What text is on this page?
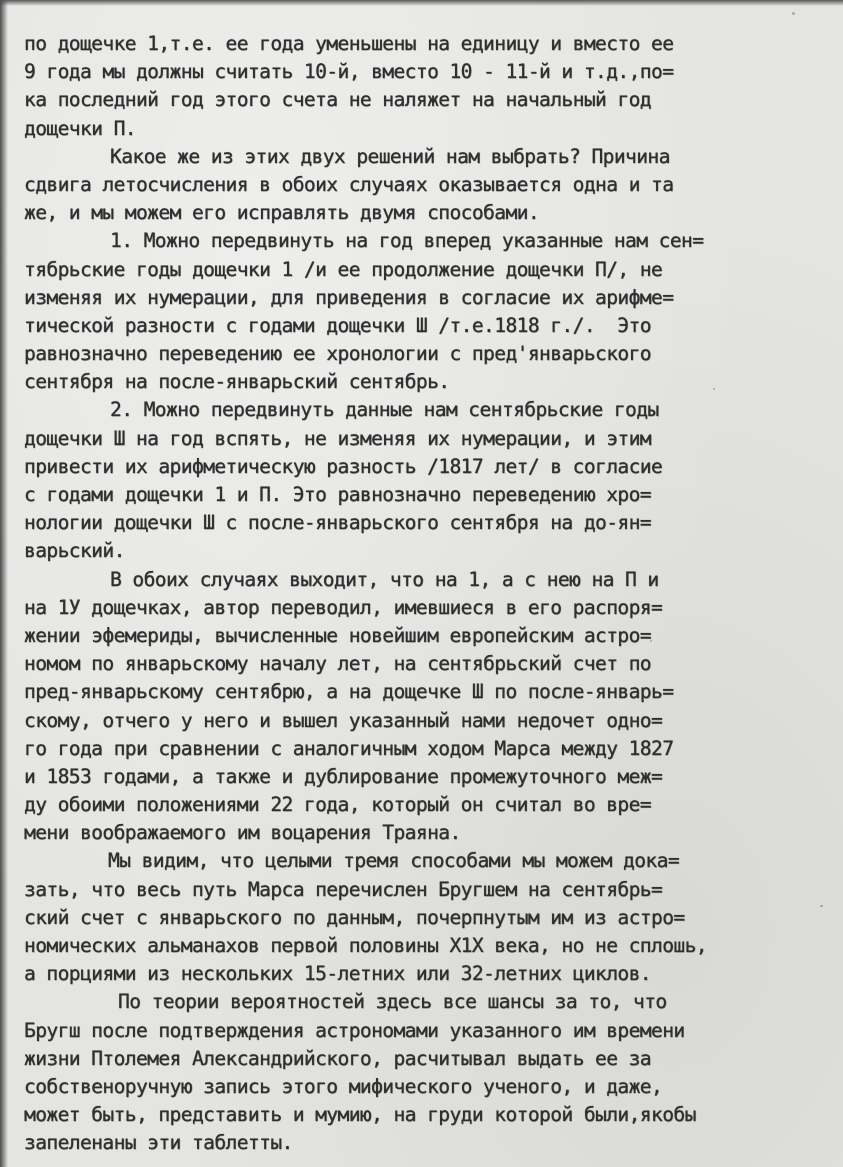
по дощечке 1,т.е. ее года уменьшены на единицу и вместо ее
9 года мы должны считать 10-й, вместо 10 - 11-й и т.д.,по=
ка последний год этого счета не наляжет на начальный год
дощечки П.
Какое же из этих двух решений нам выбрать? Причина
сдвига летосчисления в обоих случаях оказывается одна и та
же, и мы можем его исправлять двумя способами.
1. Можно передвинуть на год вперед указанные нам сен=
тябрьские годы дощечки 1 /и ее продолжение дощечки П/, не
изменяя их нумерации, для приведения в согласие их арифме=
тической разности с годами дощечки Ш /т.е.1818 г./.  Это
равнозначно переведению ее хронологии с пред'январьского
сентября на после-январьский сентябрь.
2. Можно передвинуть данные нам сентябрьские годы
дощечки Ш на год вспять, не изменяя их нумерации, и этим
привести их арифметическую разность /1817 лет/ в согласие
с годами дощечки 1 и П. Это равнозначно переведению хро=
нологии дощечки Ш с после-январьского сентября на до-ян=
варьский.
В обоих случаях выходит, что на 1, а с нею на П и
на 1У дощечках, автор переводил, имевшиеся в его распоря=
жении эфемериды, вычисленные новейшим европейским астро=
номом по январьскому началу лет, на сентябрьский счет по
пред-январьскому сентябрю, а на дощечке Ш по после-январь=
скому, отчего у него и вышел указанный нами недочет одно=
го года при сравнении с аналогичным ходом Марса между 1827
и 1853 годами, а также и дублирование промежуточного меж=
ду обоими положениями 22 года, который он считал во вре=
мени воображаемого им воцарения Траяна.
Мы видим, что целыми тремя способами мы можем дока=
зать, что весь путь Марса перечислен Бругшем на сентябрь=
ский счет с январьского по данным, почерпнутым им из астро=
номических альманахов первой половины Х1Х века, но не сплошь,
а порциями из нескольких 15-летних или 32-летних циклов.
По теории вероятностей здесь все шансы за то, что
Бругш после подтверждения астрономами указанного им времени
жизни Птолемея Александрийского, расчитывал выдать ее за
собственоручную запись этого мифического ученого, и даже,
может быть, представить и мумию, на груди которой были,якобы
запеленаны эти таблетты.
